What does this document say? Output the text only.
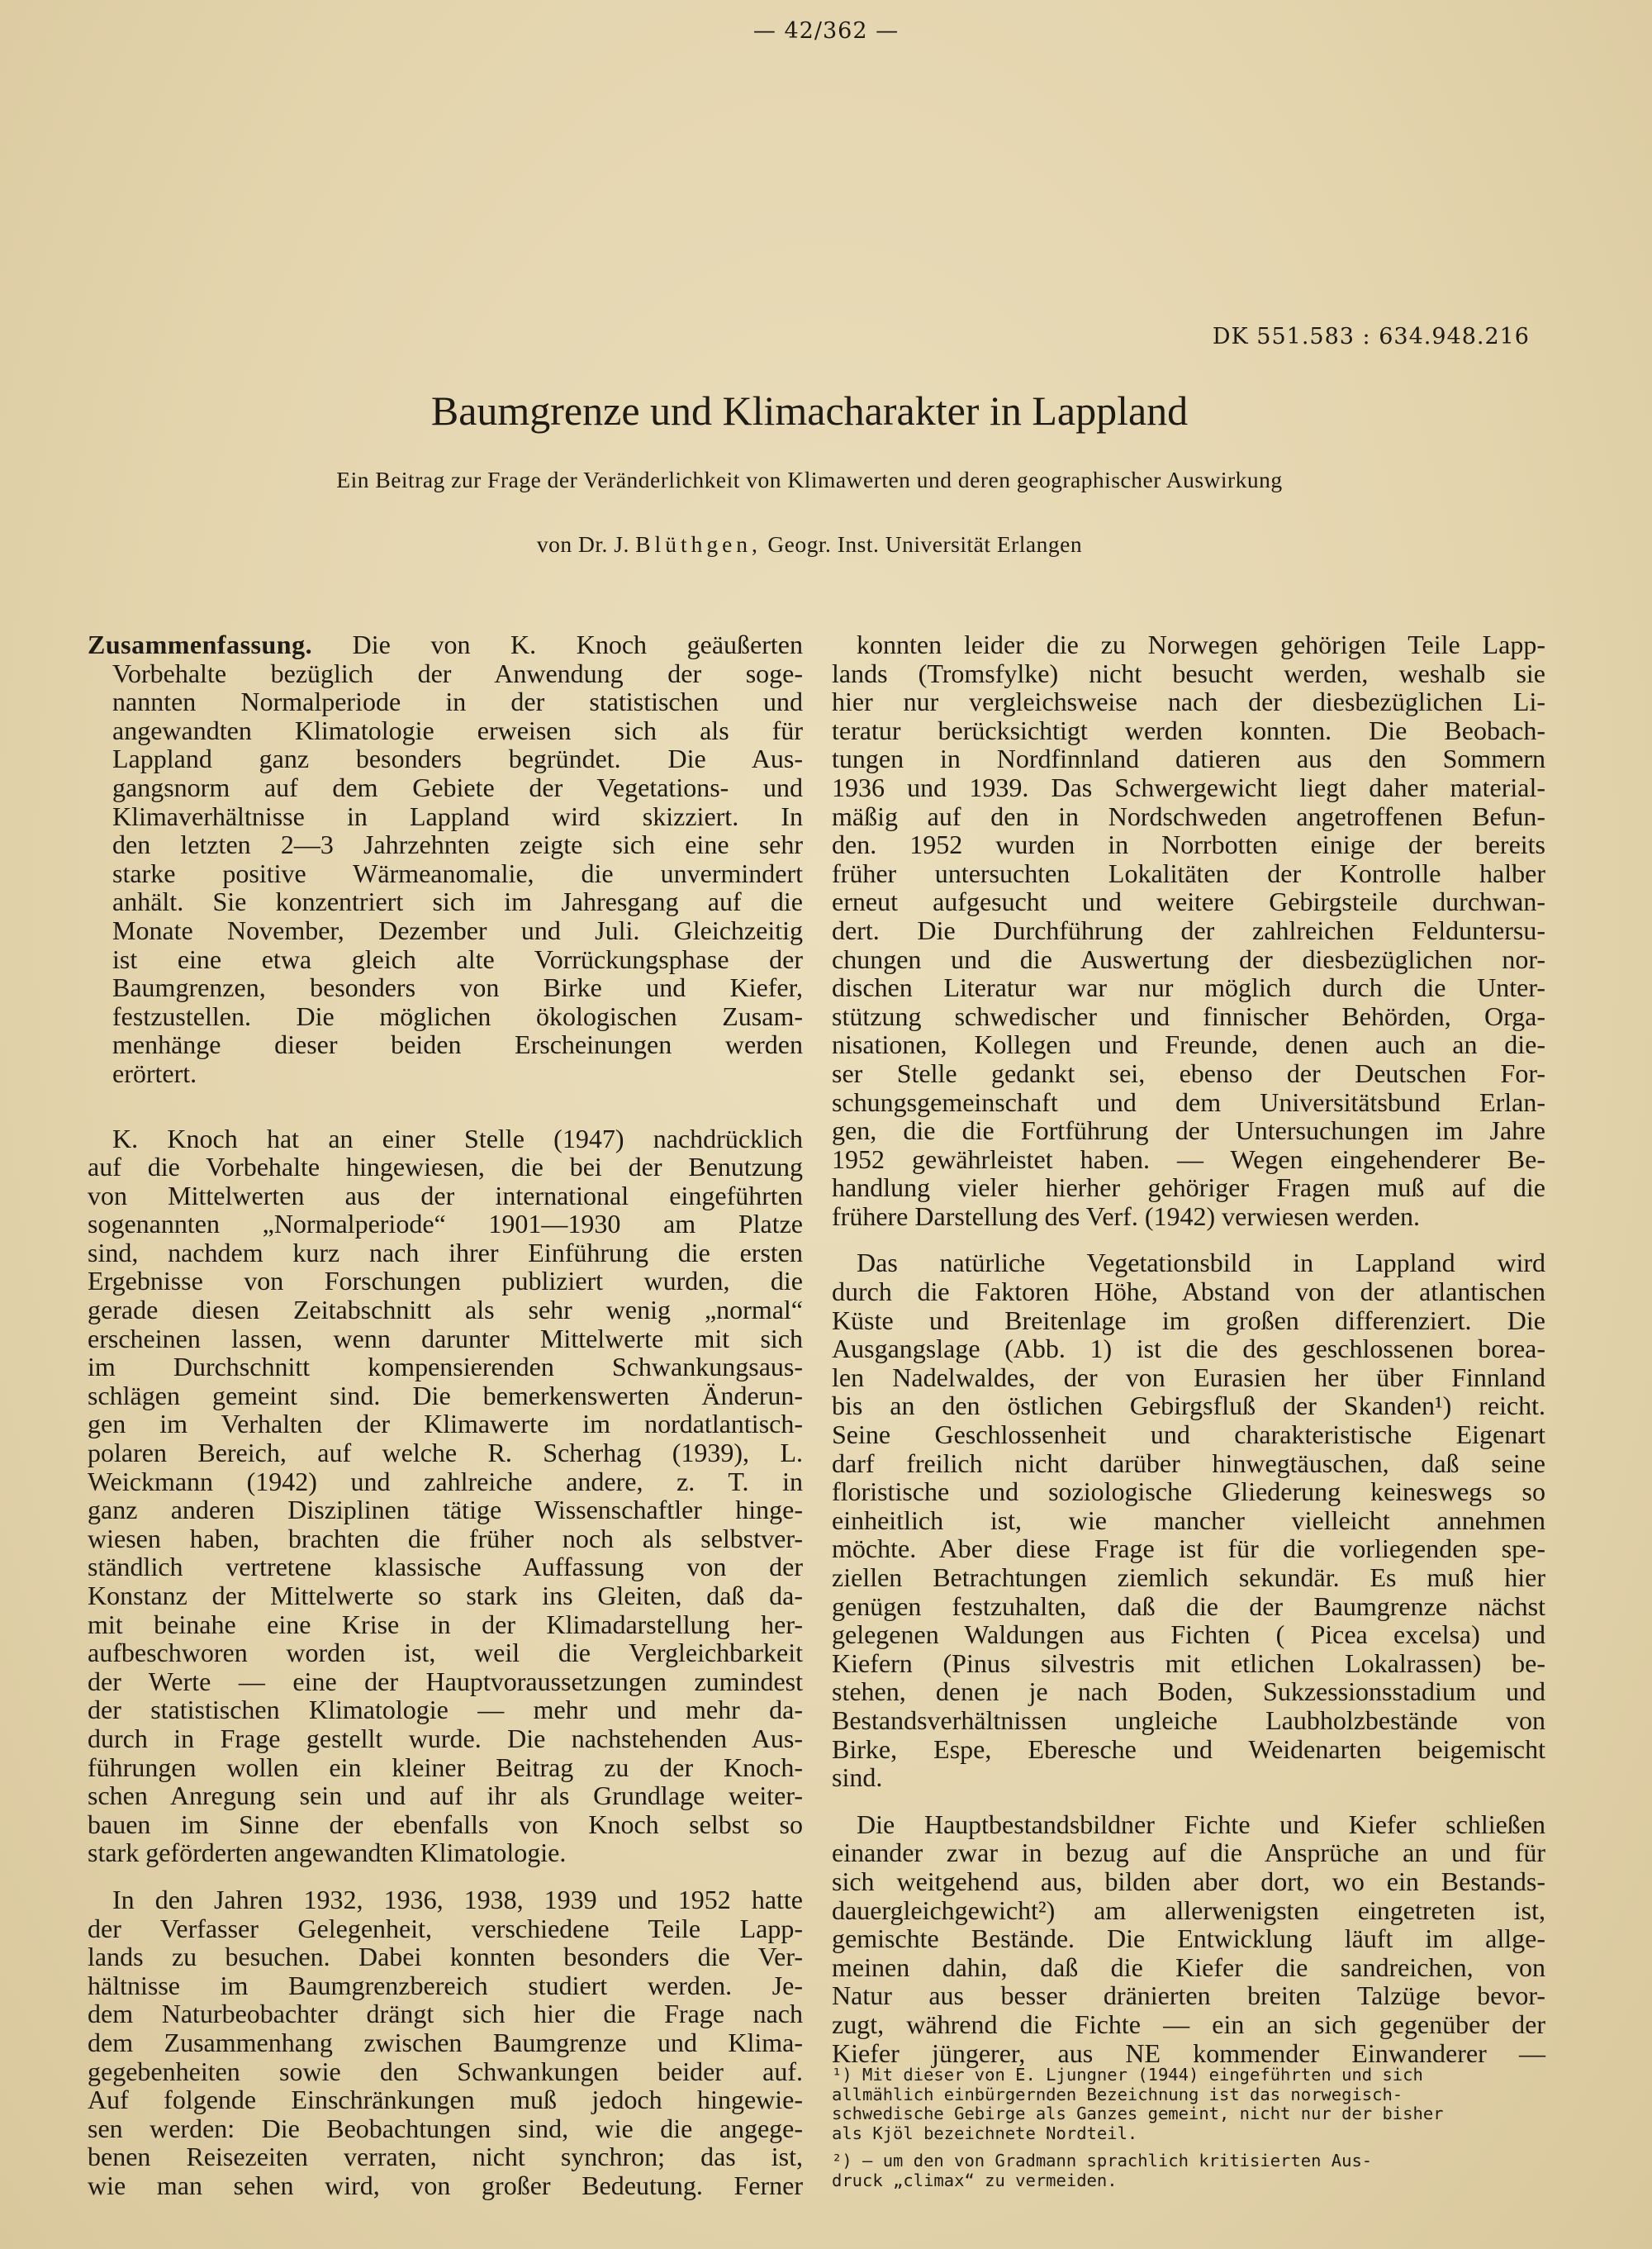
— 42/362 —
DK 551.583 : 634.948.216
Baumgrenze und Klimacharakter in Lappland
Ein Beitrag zur Frage der Veränderlichkeit von Klimawerten und deren geographischer Auswirkung
von Dr. J. Blüthgen, Geogr. Inst. Universität Erlangen
Zusammenfassung. Die von K. Knoch geäußerten
Vorbehalte bezüglich der Anwendung der soge-
nannten Normalperiode in der statistischen und
angewandten Klimatologie erweisen sich als für
Lappland ganz besonders begründet. Die Aus-
gangsnorm auf dem Gebiete der Vegetations- und
Klimaverhältnisse in Lappland wird skizziert. In
den letzten 2—3 Jahrzehnten zeigte sich eine sehr
starke positive Wärmeanomalie, die unvermindert
anhält. Sie konzentriert sich im Jahresgang auf die
Monate November, Dezember und Juli. Gleichzeitig
ist eine etwa gleich alte Vorrückungsphase der
Baumgrenzen, besonders von Birke und Kiefer,
festzustellen. Die möglichen ökologischen Zusam-
menhänge dieser beiden Erscheinungen werden
erörtert.
K. Knoch hat an einer Stelle (1947) nachdrücklich
auf die Vorbehalte hingewiesen, die bei der Benutzung
von Mittelwerten aus der international eingeführten
sogenannten „Normalperiode“ 1901—1930 am Platze
sind, nachdem kurz nach ihrer Einführung die ersten
Ergebnisse von Forschungen publiziert wurden, die
gerade diesen Zeitabschnitt als sehr wenig „normal“
erscheinen lassen, wenn darunter Mittelwerte mit sich
im Durchschnitt kompensierenden Schwankungsaus-
schlägen gemeint sind. Die bemerkenswerten Änderun-
gen im Verhalten der Klimawerte im nordatlantisch-
polaren Bereich, auf welche R. Scherhag (1939), L.
Weickmann (1942) und zahlreiche andere, z. T. in
ganz anderen Disziplinen tätige Wissenschaftler hinge-
wiesen haben, brachten die früher noch als selbstver-
ständlich vertretene klassische Auffassung von der
Konstanz der Mittelwerte so stark ins Gleiten, daß da-
mit beinahe eine Krise in der Klimadarstellung her-
aufbeschworen worden ist, weil die Vergleichbarkeit
der Werte — eine der Hauptvoraussetzungen zumindest
der statistischen Klimatologie — mehr und mehr da-
durch in Frage gestellt wurde. Die nachstehenden Aus-
führungen wollen ein kleiner Beitrag zu der Knoch-
schen Anregung sein und auf ihr als Grundlage weiter-
bauen im Sinne der ebenfalls von Knoch selbst so
stark geförderten angewandten Klimatologie.
In den Jahren 1932, 1936, 1938, 1939 und 1952 hatte
der Verfasser Gelegenheit, verschiedene Teile Lapp-
lands zu besuchen. Dabei konnten besonders die Ver-
hältnisse im Baumgrenzbereich studiert werden. Je-
dem Naturbeobachter drängt sich hier die Frage nach
dem Zusammenhang zwischen Baumgrenze und Klima-
gegebenheiten sowie den Schwankungen beider auf.
Auf folgende Einschränkungen muß jedoch hingewie-
sen werden: Die Beobachtungen sind, wie die angege-
benen Reisezeiten verraten, nicht synchron; das ist,
wie man sehen wird, von großer Bedeutung. Ferner
konnten leider die zu Norwegen gehörigen Teile Lapp-
lands (Tromsfylke) nicht besucht werden, weshalb sie
hier nur vergleichsweise nach der diesbezüglichen Li-
teratur berücksichtigt werden konnten. Die Beobach-
tungen in Nordfinnland datieren aus den Sommern
1936 und 1939. Das Schwergewicht liegt daher material-
mäßig auf den in Nordschweden angetroffenen Befun-
den. 1952 wurden in Norrbotten einige der bereits
früher untersuchten Lokalitäten der Kontrolle halber
erneut aufgesucht und weitere Gebirgsteile durchwan-
dert. Die Durchführung der zahlreichen Felduntersu-
chungen und die Auswertung der diesbezüglichen nor-
dischen Literatur war nur möglich durch die Unter-
stützung schwedischer und finnischer Behörden, Orga-
nisationen, Kollegen und Freunde, denen auch an die-
ser Stelle gedankt sei, ebenso der Deutschen For-
schungsgemeinschaft und dem Universitätsbund Erlan-
gen, die die Fortführung der Untersuchungen im Jahre
1952 gewährleistet haben. — Wegen eingehenderer Be-
handlung vieler hierher gehöriger Fragen muß auf die
frühere Darstellung des Verf. (1942) verwiesen werden.
Das natürliche Vegetationsbild in Lappland wird
durch die Faktoren Höhe, Abstand von der atlantischen
Küste und Breitenlage im großen differenziert. Die
Ausgangslage (Abb. 1) ist die des geschlossenen borea-
len Nadelwaldes, der von Eurasien her über Finnland
bis an den östlichen Gebirgsfluß der Skanden¹) reicht.
Seine Geschlossenheit und charakteristische Eigenart
darf freilich nicht darüber hinwegtäuschen, daß seine
floristische und soziologische Gliederung keineswegs so
einheitlich ist, wie mancher vielleicht annehmen
möchte. Aber diese Frage ist für die vorliegenden spe-
ziellen Betrachtungen ziemlich sekundär. Es muß hier
genügen festzuhalten, daß die der Baumgrenze nächst
gelegenen Waldungen aus Fichten ( Picea excelsa) und
Kiefern (Pinus silvestris mit etlichen Lokalrassen) be-
stehen, denen je nach Boden, Sukzessionsstadium und
Bestandsverhältnissen ungleiche Laubholzbestände von
Birke, Espe, Eberesche und Weidenarten beigemischt
sind.
Die Hauptbestandsbildner Fichte und Kiefer schließen
einander zwar in bezug auf die Ansprüche an und für
sich weitgehend aus, bilden aber dort, wo ein Bestands-
dauergleichgewicht²) am allerwenigsten eingetreten ist,
gemischte Bestände. Die Entwicklung läuft im allge-
meinen dahin, daß die Kiefer die sandreichen, von
Natur aus besser dränierten breiten Talzüge bevor-
zugt, während die Fichte — ein an sich gegenüber der
Kiefer jüngerer, aus NE kommender Einwanderer —
¹) Mit dieser von E. Ljungner (1944) eingeführten und sich
allmählich einbürgernden Bezeichnung ist das norwegisch-
schwedische Gebirge als Ganzes gemeint, nicht nur der bisher
als Kjöl bezeichnete Nordteil.
²) — um den von Gradmann sprachlich kritisierten Aus-
druck „climax“ zu vermeiden.
